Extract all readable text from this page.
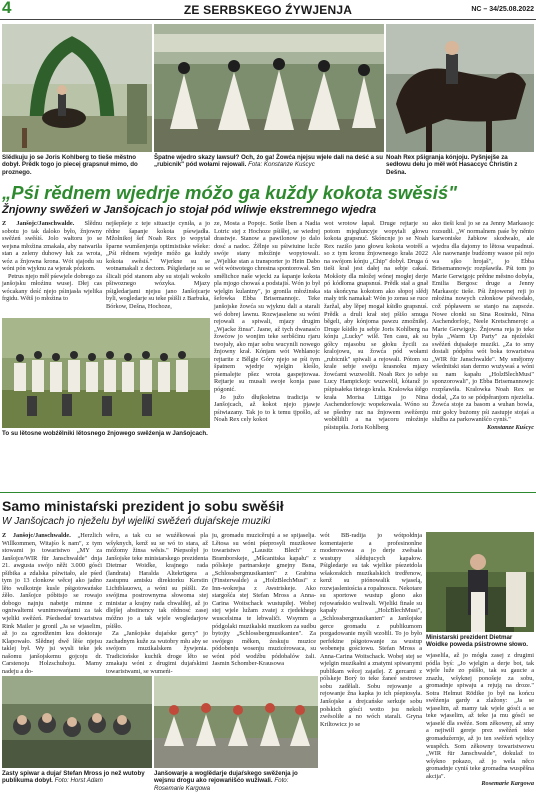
4	ZE SERBSKEGO ŹYWJENJA	NC – 34/25.08.2022
Slědkuju jo se Joris Kohlberg to tieše městno dobył. Prědk togo jo pieceį grapsnuł mimo, do proznego.
Špatne wjedro skazy lawsuł? Och, źo ga! Żowća njejsu wjele dali na deść a su „rubicnik" pód wołami rejowali. Fota: Konstanze Kuścyc
Noah Rex pšigranja kónjoju. Pyšnjejše za sedłowu dełu jo měł wót Hasaccyc Christin z Dešna.
„Pśi rědnem wjedrje móžo ga kuždy kokota swěsiś"
Žnjowny swěźeń w Janšojcach jo stojał pód wliwje ekstremnego wjedra
Z Janšojc/Janschwalde. Slědnu sobotu jo tak daloko było, žnjowny swěźeń swěśiś. Jolo wałtoru jo se wejsna młoźina zmakała, aby natwariła stan a zeleny duhowy łuk za wrota, wóz a žnjowna krona. Wót sjajodu su wóni pón wjyknu za wjerak pózkom.
Petrus njejo měł pśewjele dobrego za janšojsku młoźinu wusej. Dłej cas wócakany deść njejo pśinjasła wjelika frgidu. Wětš jo młoźina to
nejšepšeje z teje situacije cyniła, a jo rědne šapanje kokota pśewjadła. Mžolnikoj šef Noah Rex jo wopytał šparne wumšenjenja optimistiske wšeke: „Pśi rědnem wjedrje móžo ga kuždy kokota swěsiś." Wjerkne su se wotnamakali z dectom. Pśigledarje su se ślicali pód stanom aby su stojali wokoło pšiwoznego wózyka. Mjazy pśigledarjami njejsu jano Janšojcarje byli, wogledarje su teke pśišli z Barbuka, Bórkow, Dešna, Hochoze,
To su lětosne wobźělniki lětosnego žnjowego swěźenja w Janšojcach.
ze, Mosta a Popojc. Sotše lben a Nadia Lotric stej z Hochoze pśišłej, se wiedrej drastwje. Stanow a pawilonow jo dalo dosć a nadoc. Źělnje su pśiwiuine lu:že swóje stany młoźinje wopytowali. „Wjelike stan a transporter jo Hein Dabo wót wótwotego chrestna spontorował. Sm smělichce naše wjecki za šapanje kokota pla mjogo chowaś a podstajiś. Wón jo był wjelgin kulantny", jo gronila młoźinska šefowka Ebba Brisemannojc. Teke janšojske žowća su wjyknu dali a starali wó dobrej lawnu. Rozwjaselene su wóni rejowali a spiwali, mjazy drugim „Wjacke žinsa". Jasne, až tych dwanasćo žowćow jo wonjim teke serbšćinu rjaru twojuły, ako mjar sobu wucynili nowego žnjowny krał. Kónjam wót Wehlanojc rejtarite z Bělgje Góry njejo se pśi tym špatnem wjedrje wjelgin kleślo, pśemalejte pšez wrota gaspejtowaa. Rejtarje su musali swoje konja pase pógonić.
Jo južo dłujkoletna tradicija w Janšojcach, až kokot njejo pjawje pśiwiazany. Tak jo to k temu tjpošlo, až Noah Rex cely kokot
wot wrotow łapał. Druge rejtarje su potom mjegluncyje wopytali głowu kokota grapsnuć. Skóncnje jo se Noah Rex razišo jano głowu kokota wotrěš a so z tym kronu žnjowneego krała 2022 na swójom kónju „Chip" dobył. Druga ú tieši krał jest dałej na sebje cakaś. Mokšoty dla młožej wónej mogłej derje pó kódłoma gnapsnuś. Prědk stał a gnał sta skońcyna kokotom ako słopoj slědj mały trik namakał: Wón jo zensu se ruce žaržal, aby lěpej mogał kśidło grapsnuś. Prědk a druli krał stej pšišo smuga běgeli, aby kónjoma pawzu zmožniłej. Druge kśidło ju sebje Joris Kohlberg na kónju „Lucky" wilě. Ten casu, ak su gółcy mjasobu se głoku žycili za kralojowu, su žowća pód wołami „rubicnik" spiwali a rejowali. Pótom su krale sebje swóju krasnoku mjazy žowćami wuzwoliłi. Noah Rex jo sebje Lucy Hampickojc wuzwolił, kótaraž jo pśipisałeka tieiego krala. Kralowka śiěgo krała Morisa Littiga jo Nina Aschendorfowjc wopekowala. Wóno su se pšedny raz na žnjowem swěźenju wobělilili a na wjacoru młoźinje pśistupiła. Joris Kohlberg
ako tieši kral jo se za Jenny Markasojc rozsudił. „W normalnem paśe by něnto karwoniske žabkow skodwało, ale wjedra dla dajomy to lětosa wupadnuś. Ale naownanje budźomy wasoe pśi rejo wa sjko hrojaš", jo Ebba Brisemannowjc rozpšawiła. Pśi tom jo Marie Gerwigojc prědne městno dobyła, Emilia Bergosc druge a Jenny Markasojc tieše. Pśi žnjowenej reji jo młoźina nowych członkow pśiwodało, což pópławem se stanjo na zapsoźe. Nowe cłonki su Sina Rosinski, Nina Aschendorfojc, Neele Kretschmerojc a Marie Gerwigojc. Žnjowna reja jo teke była „Warm Up Party" za njeźelski swěźeń dujsakeje muziki. „Za to smy dostali pódpěra wót boka towaristwa „WIR für Janschwalde". My smějomy wšednitski stan dermo wużywaś a wóni su nam kapału „HolzBlechMusi" sponzorowali", jo Ebba Brisemannowjc rozpšawiła. Kralowka Noah Rex se dodał, „Za to se pódpěranjom njezielia. Žowća stoje za basom a wuhan bowla, mir gołcy bużomy pśi zastupje stojaś a služba za parkowanišćo cyniś."
Konstanze Kuścyc
Samo ministaŕski prezident jo sobu swěśił
W Janšojcach jo nježelu był wjeliki swěźeń dujaŕskeje muziki
Z Janšojc/Janschwalde. „Herzlich Willkommen, Witajśo k nam", z tym stowami jo towaristwo „MY za Janšojce/WIR für Janschwalde" dnja 21. awgusta swójo něžt 3.000 gósći pšibika a zdalska pśiwitało, ale pśed tym jo 13 clonkow wěcej ako jadno lěto wulkotnje kusle pśigotowańske źěło. Janšojce póbitsjo se rowajo dobogo najnju nabetje mimne z ogniwaltemi wunimowańjami za tak wjeliki swěźeń. Pśedsedaŕ towaristwa Rink Mailer je gronil „Ja se wjaselim, až jo za zgrodženim kra doktoraje Klapowało. Slědnej dwě lěśe njejsu taklej był. Wy jsi wysli teke jek našomu janšojskemu gojcoju dr. Carstenoju Holzschuhoju. Mamy nadeju a do-
wěru, a tak cu se wuźěkowaś pla wšyknych, kenž su se wó to stara, až móžomy žinsa wěsis." Pśepsošył jo Janšojske teke ministarskego prezidenta Dietmar Woidke, krajnego rada (landrata) Haralda Altekrügera a zastupnu amtsku direktorku Kerstin Lichtblauowu, a wóni su pśišli. Ze swójima postrownyma słowoma stej ministar a krajny rada chwaliłej, až jo dlejšej abstinency tak rědnosć zasej móžno jo a tak wjele wogledarjow pśišło.
Za „Janšojske dujaŕske gercy" jo zachadnym kuže za wutobry młu aby se swójom muzikalskem žywjenia. Tradiciońske kuchik droge lěto se zmakaju wóni z drugimi dujaŕskimi towaristwami, se wumeńi-
ju, gromadu muzicěrujú a se spijaselja. Lětosa su wóni pśeprosyli muzikowe towaristwo „Lausitz Blech" z Bramborskeje, „Mšcanitska kapału" z pólskeje partnarskeje gmejny Bsna, „Schlossbergmusikanten" z Grabina (Finsterwalde) a „HolzBlechMusi" z Inn-wokrejsa z Awstriskeje. Ako stargošća stej Stefan Mross a Anna-Carina Woitschack wustupiłej. Wobej stej wjele lužam zvatej z rjedekhego wuscelsima te lebwaliči. Wsymm a pódgolaki muzikalski muzikom za sudbu bytojty „Schlossbergmusikanten". Za swójego měken, źeskuju muzice pódobenju wosenju muzicérowaca, su wóni pód wodźbu pódobalów żali. Jasmin Schomber-Krausowa
wót BB-radija jo wótpołdnja komentajerie a profesinonlne moderowowa a jo derje zwěsała wustupy slědujucych kapałow. Pśigledarje su tak wjelike pśezetdola wšakorakich muzikalskich tredřenow, kenž su piónowalik wjaselą, rozwjasleniościa a ropalnoscu. Nekotare su sportowe wustup glono ako rejowańskio wuliwali. Wjeliki finale su kapały „HolzBlechMusi", „Schlossbergmusikanten" a Janšojske gerce gromadu z publikumom porgadowanie myśli wzołili. To jo było perfektne pśigotowanje za wustup wobeneju gościowu. Stefan Mross a Anna-Carina Woitschack. Wobej stej se wjelgin muzikałni a znatymi spiwanymi publikam wěcej zajatlej. Z gercami z pólskeje Borý to teke žaneé sestrowe sobu zadělali. Sobu rejowanje a rejowanje žna kapka jo ich pśepiosyła. Janšojske a drejcańske serkuje sobu połskich gósći wotto jsu nekoli zwěsoliłe a no wóch starali. Gryna Kriltowicz jo se
Ministarski prezident Dietmar Woidke poweda pśistrowne słowo.
wjaselila, až jo mógła zasej z drugimi pódla byś: „Jo wjelgin a derje bot, tak wjele luže zo pśišło, tak su gaucie a znazlu, wšyknej ponošeje za sobu, gromadnje spiwaju a rejują na droze." Sotra Helmut Rödike jo był na końcu swěźenja gardy a zlažony: „Ja se wjaselim, až mamy tak wjele gósći a se teke wjaselim, až teke ja mu gósći se wjaselé dla swěźe. Som zěkowny, až smy a nejiwiłl gereje prez swěźeń teke gromaduźernje, až jo ten swěźeń wjelicy wuspěch. Som zěkowny towaristwowu „WIR für Janschwalde", dokulaž to wšykno pokazo, až jo wela něco gromadnje cyniś teke gromadna wuspěšna akcija".
Rosemarie Kargowa
Zasty spiwar a dujaŕ Stefan Mross jo než wutoby publikuma dobył. Foto: Horst Adam
Janšowarje a woglědarje dujaŕskego swěźenja jo wejsnu drogu ako rejowańišćo wužiwali. Foto: Rosemarie Kargowa
